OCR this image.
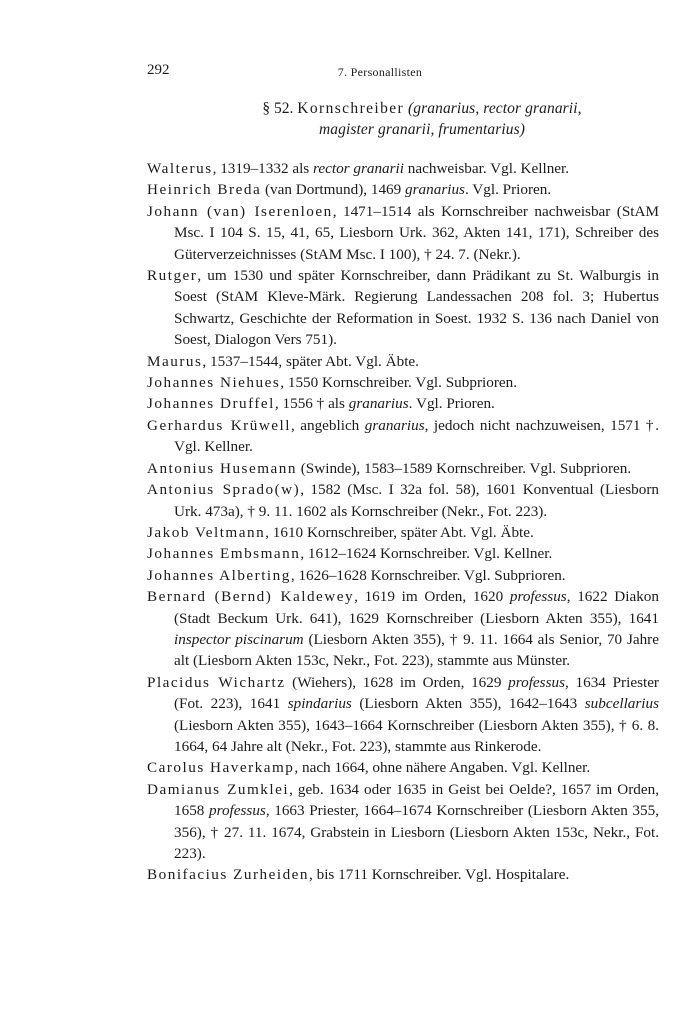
292	7. Personallisten
§ 52. Kornschreiber (granarius, rector granarii,
magister granarii, frumentarius)

Walterus, 1319–1332 als rector granarii nachweisbar. Vgl. Kellner.

Heinrich Breda (van Dortmund), 1469 granarius. Vgl. Prioren.

Johann (van) Iserenloen, 1471–1514 als Kornschreiber nachweisbar (StAM Msc. I 104 S. 15, 41, 65, Liesborn Urk. 362, Akten 141, 171), Schreiber des Güterverzeichnisses (StAM Msc. I 100), † 24. 7. (Nekr.).

Rutger, um 1530 und später Kornschreiber, dann Prädikant zu St. Walburgis in Soest (StAM Kleve-Märk. Regierung Landessachen 208 fol. 3; Hubertus Schwartz, Geschichte der Reformation in Soest. 1932 S. 136 nach Daniel von Soest, Dialogon Vers 751).

Maurus, 1537–1544, später Abt. Vgl. Äbte.

Johannes Niehues, 1550 Kornschreiber. Vgl. Subprioren.

Johannes Druffel, 1556 † als granarius. Vgl. Prioren.

Gerhardus Krüwell, angeblich granarius, jedoch nicht nachzuweisen, 1571 †. Vgl. Kellner.

Antonius Husemann (Swinde), 1583–1589 Kornschreiber. Vgl. Subprioren.

Antonius Sprado(w), 1582 (Msc. I 32a fol. 58), 1601 Konventual (Liesborn Urk. 473a), † 9. 11. 1602 als Kornschreiber (Nekr., Fot. 223).

Jakob Veltmann, 1610 Kornschreiber, später Abt. Vgl. Äbte.

Johannes Embsmann, 1612–1624 Kornschreiber. Vgl. Kellner.

Johannes Alberting, 1626–1628 Kornschreiber. Vgl. Subprioren.

Bernard (Bernd) Kaldewey, 1619 im Orden, 1620 professus, 1622 Diakon (Stadt Beckum Urk. 641), 1629 Kornschreiber (Liesborn Akten 355), 1641 inspector piscinarum (Liesborn Akten 355), † 9. 11. 1664 als Senior, 70 Jahre alt (Liesborn Akten 153c, Nekr., Fot. 223), stammte aus Münster.

Placidus Wichartz (Wiehers), 1628 im Orden, 1629 professus, 1634 Priester (Fot. 223), 1641 spindarius (Liesborn Akten 355), 1642–1643 subcellarius (Liesborn Akten 355), 1643–1664 Kornschreiber (Liesborn Akten 355), † 6. 8. 1664, 64 Jahre alt (Nekr., Fot. 223), stammte aus Rinkerode.

Carolus Haverkamp, nach 1664, ohne nähere Angaben. Vgl. Kellner.

Damianus Zumklei, geb. 1634 oder 1635 in Geist bei Oelde?, 1657 im Orden, 1658 professus, 1663 Priester, 1664–1674 Kornschreiber (Liesborn Akten 355, 356), † 27. 11. 1674, Grabstein in Liesborn (Liesborn Akten 153c, Nekr., Fot. 223).

Bonifacius Zurheiden, bis 1711 Kornschreiber. Vgl. Hospitalare.
